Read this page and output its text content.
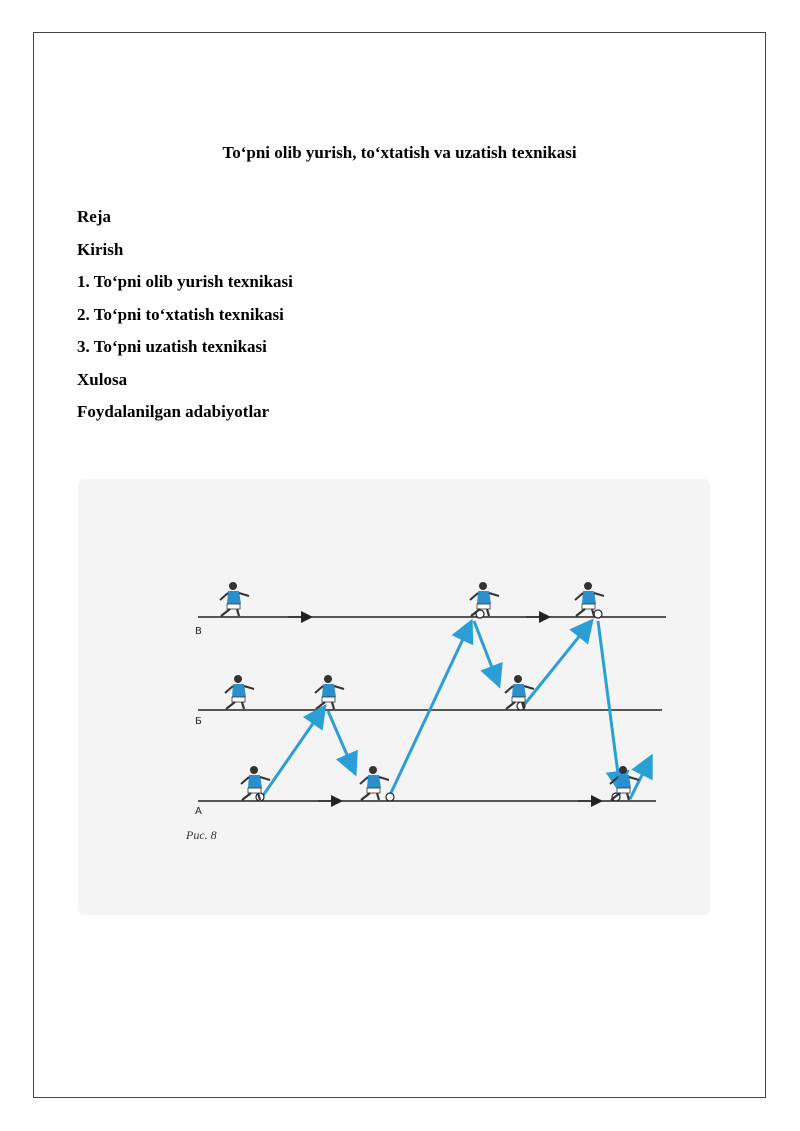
To‘pni olib yurish, to‘xtatish va uzatish texnikasi
Reja
Kirish
1. To‘pni olib yurish texnikasi
2. To‘pni to‘xtatish texnikasi
3. To‘pni uzatish texnikasi
Xulosa
Foydalanilgan adabiyotlar
В
Б
А
Рис. 8
